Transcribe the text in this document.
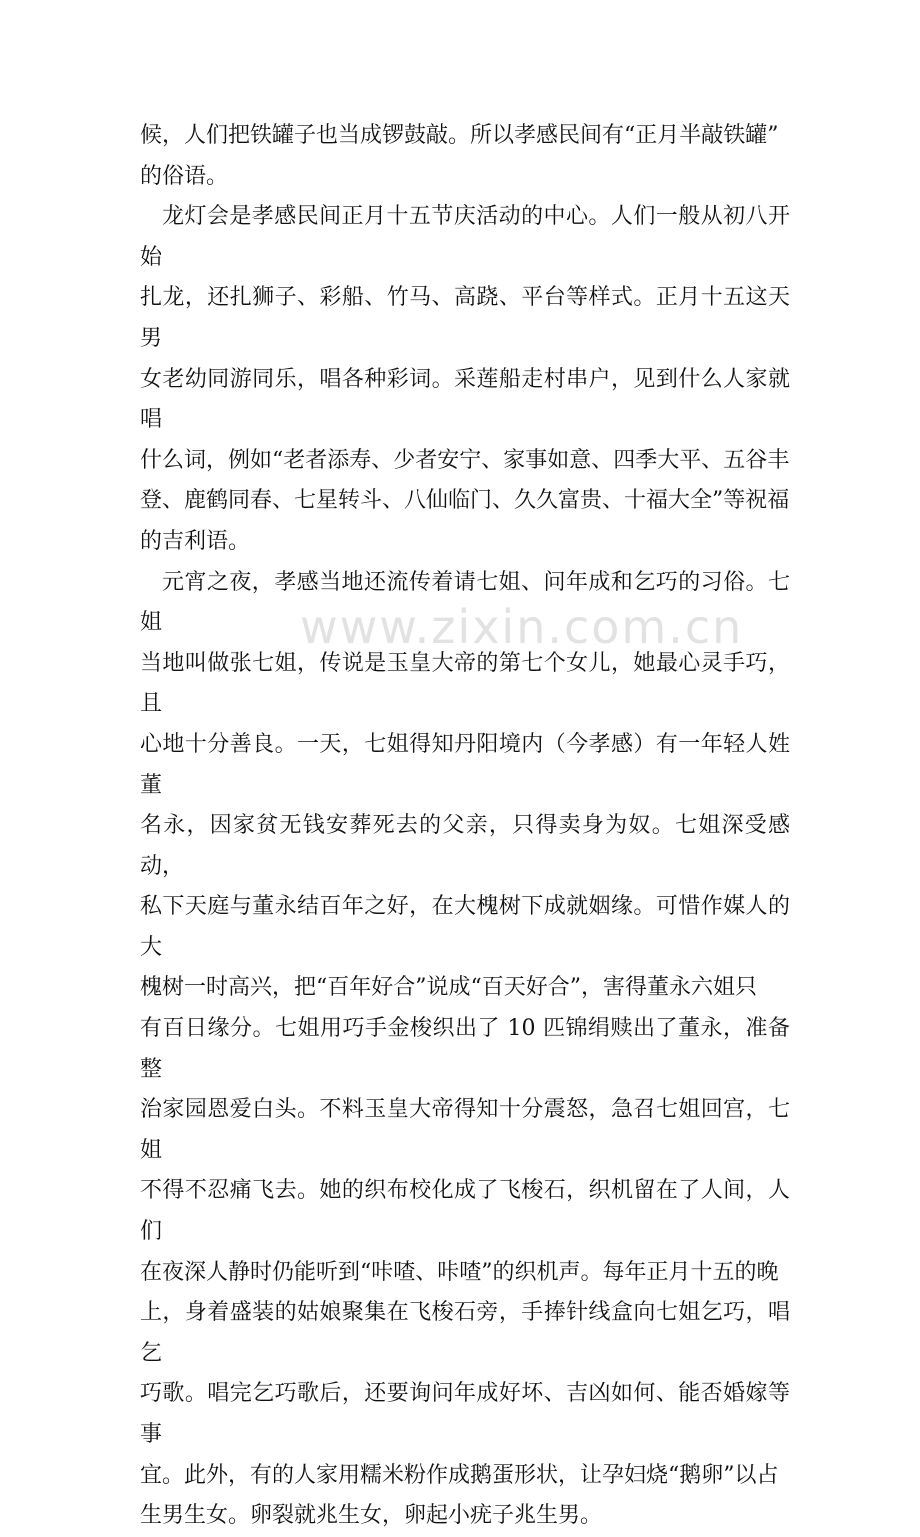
候，人们把铁罐子也当成锣鼓敲。所以孝感民间有“正月半敲铁罐”
的俗语。
龙灯会是孝感民间正月十五节庆活动的中心。人们一般从初八开始
扎龙，还扎狮子、彩船、竹马、高跷、平台等样式。正月十五这天男
女老幼同游同乐，唱各种彩词。采莲船走村串户，见到什么人家就唱
什么词，例如“老者添寿、少者安宁、家事如意、四季大平、五谷丰
登、鹿鹤同春、七星转斗、八仙临门、久久富贵、十福大全”等祝福
的吉利语。
元宵之夜，孝感当地还流传着请七姐、问年成和乞巧的习俗。七姐
当地叫做张七姐，传说是玉皇大帝的第七个女儿，她最心灵手巧，且
心地十分善良。一天，七姐得知丹阳境内（今孝感）有一年轻人姓董
名永，因家贫无钱安葬死去的父亲，只得卖身为奴。七姐深受感动，
私下天庭与董永结百年之好，在大槐树下成就姻缘。可惜作媒人的大
槐树一时高兴，把“百年好合”说成“百天好合”，害得董永六姐只
有百日缘分。七姐用巧手金梭织出了 10 匹锦绢赎出了董永，准备整
治家园恩爱白头。不料玉皇大帝得知十分震怒，急召七姐回宫，七姐
不得不忍痛飞去。她的织布校化成了飞梭石，织机留在了人间，人们
在夜深人静时仍能听到“咔喳、咔喳”的织机声。每年正月十五的晚
上，身着盛装的姑娘聚集在飞梭石旁，手捧针线盒向七姐乞巧，唱乞
巧歌。唱完乞巧歌后，还要询问年成好坏、吉凶如何、能否婚嫁等事
宜。此外，有的人家用糯米粉作成鹅蛋形状，让孕妇烧“鹅卵”以占
生男生女。卵裂就兆生女，卵起小疣子兆生男。
www.zixin.com.cn
